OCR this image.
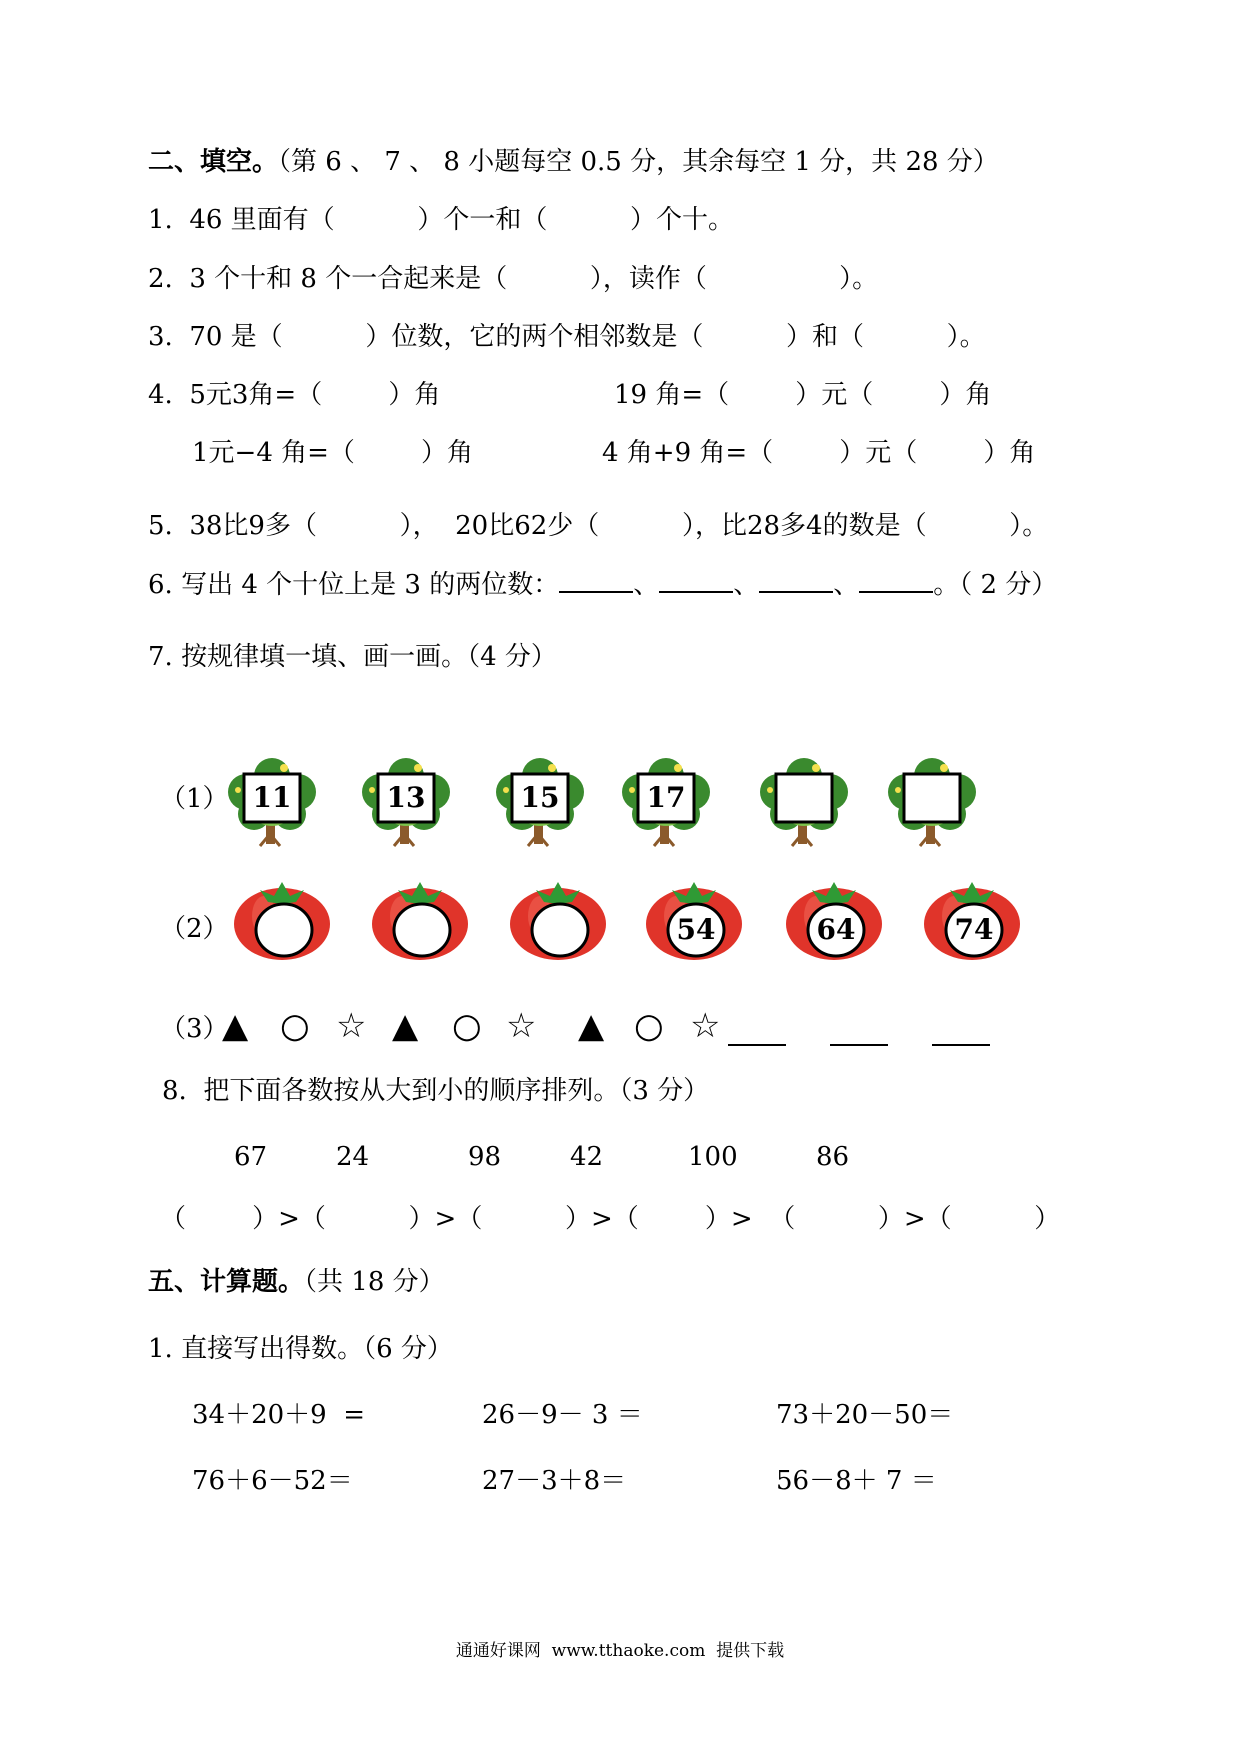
二、填空。（第 6 、 7 、 8 小题每空 0.5 分，其余每空 1 分，共 28 分）
1.  46 里面有（          ）个一和（          ）个十。
2.  3 个十和 8 个一合起来是（          ），读作（                ）。
3.  70 是（          ）位数，它的两个相邻数是（          ）和（          ）。
4.  5元3角=（        ）角	19 角=（        ）元（        ）角
1元−4 角=（        ）角	4 角+9 角=（        ）元（        ）角
5.  38比9多（          ），  20比62少（          ），比28多4的数是（          ）。
6. 写出 4 个十位上是 3 的两位数：	、	、	、	。（ 2 分）
7. 按规律填一填、画一画。（4 分）
（1） 11	13	15	17
（2）	54	64	74
（3）
▲ ○ ☆ ▲ ○ ☆ ▲ ○ ☆
8.  把下面各数按从大到小的顺序排列。（3 分）
67	24	98	42	100	86
（        ）>（          ）>（          ）>（        ）>  （          ）>（          ）
五、计算题。（共 18 分）
1. 直接写出得数。（6 分）
34＋20＋9  =	26－9－ 3 ＝	73＋20－50＝
76＋6－52＝	27－3＋8＝	56－8＋ 7 ＝
通通好课网  www.tthaoke.com  提供下载
